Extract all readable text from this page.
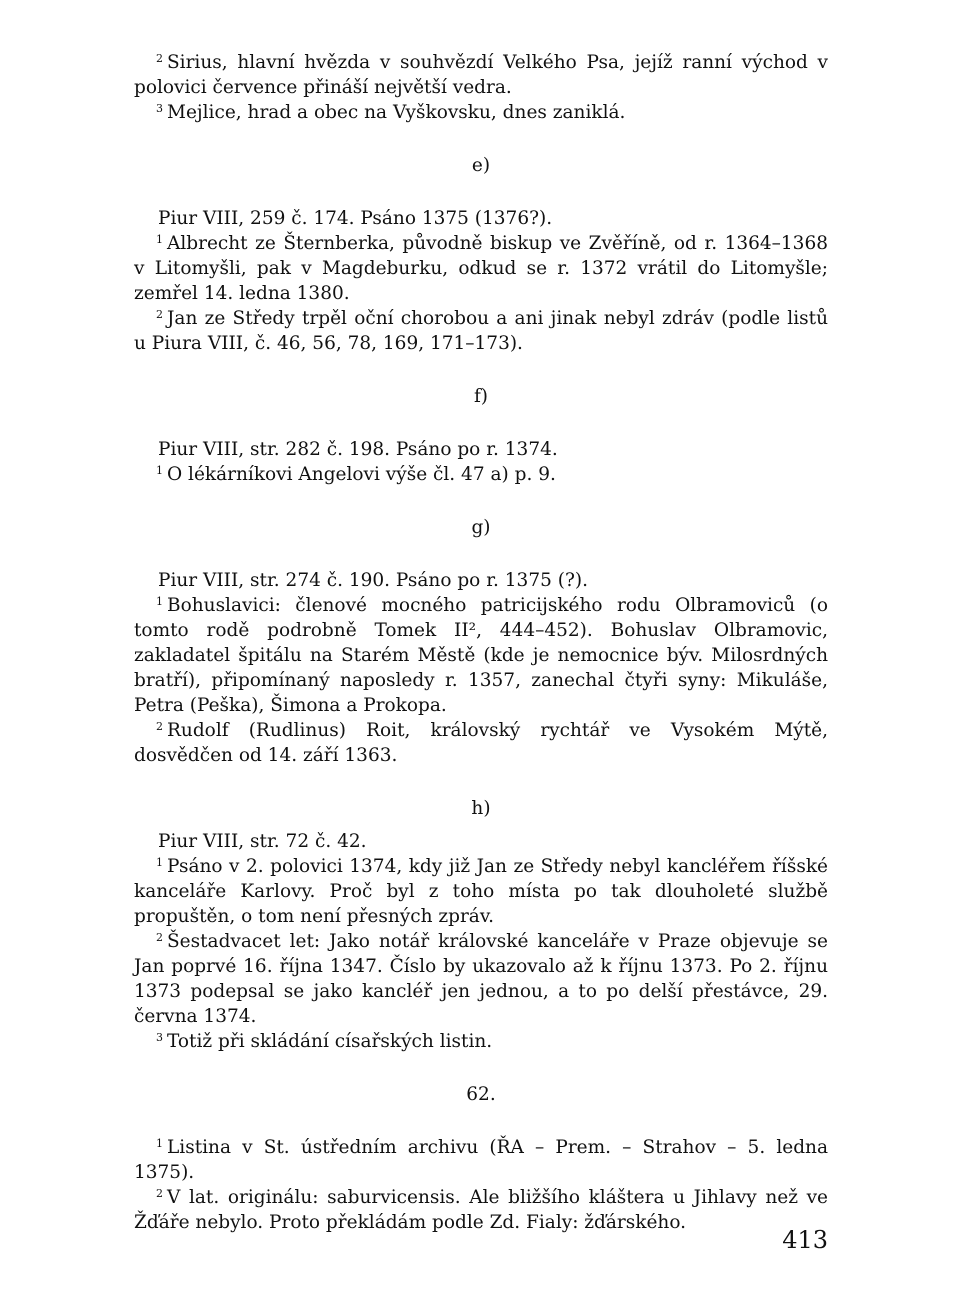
$^2$ Sirius, hlavní hvězda v souhvězdí Velkého Psa, jejíž ranní východ v polovici července přináší největší vedra.

$^3$ Mejlice, hrad a obec na Vyškovsku, dnes zaniklá.

e)

Piur VIII, 259 č. 174. Psáno 1375 (1376?).

$^1$ Albrecht ze Šternberka, původně biskup ve Zvěříně, od r. 1364–1368 v Litomyšli, pak v Magdeburku, odkud se r. 1372 vrátil do Litomyšle; zemřel 14. ledna 1380.

$^2$ Jan ze Středy trpěl oční chorobou a ani jinak nebyl zdráv (podle listů u Piura VIII, č. 46, 56, 78, 169, 171–173).

f)

Piur VIII, str. 282 č. 198. Psáno po r. 1374.

$^1$ O lékárníkovi Angelovi výše čl. 47 a) p. 9.

g)

Piur VIII, str. 274 č. 190. Psáno po r. 1375 (?).

$^1$ Bohuslavici: členové mocného patricijského rodu Olbramoviců (o tomto rodě podrobně Tomek II², 444–452). Bohuslav Olbramovic, zakladatel špitálu na Starém Městě (kde je nemocnice býv. Milosrdných bratří), připomínaný naposledy r. 1357, zanechal čtyři syny: Mikuláše, Petra (Peška), Šimona a Prokopa.

$^2$ Rudolf (Rudlinus) Roit, královský rychtář ve Vysokém Mýtě, dosvědčen od 14. září 1363.

h)

Piur VIII, str. 72 č. 42.

$^1$ Psáno v 2. polovici 1374, kdy již Jan ze Středy nebyl kancléřem říšské kanceláře Karlovy. Proč byl z toho místa po tak dlouholeté službě propuštěn, o tom není přesných zpráv.

$^2$ Šestadvacet let: Jako notář královské kanceláře v Praze objevuje se Jan poprvé 16. října 1347. Číslo by ukazovalo až k říjnu 1373. Po 2. říjnu 1373 podepsal se jako kancléř jen jednou, a to po delší přestávce, 29. června 1374.

$^3$ Totiž při skládání císařských listin.

62.

$^1$ Listina v St. ústředním archivu (ŘA – Prem. – Strahov – 5. ledna 1375).

$^2$ V lat. originálu: saburvicensis. Ale bližšího kláštera u Jihlavy než ve Žďáře nebylo. Proto překládám podle Zd. Fialy: žďárského.

413
